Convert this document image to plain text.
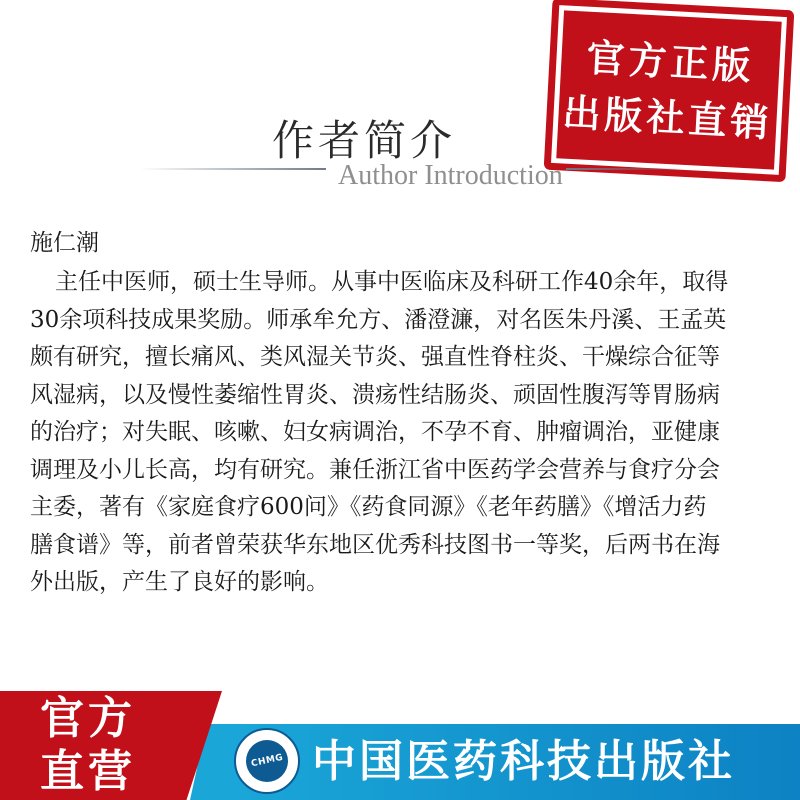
官方正版
出版社直销
作者简介
Author Introduction
施仁潮
主任中医师，硕士生导师。从事中医临床及科研工作40余年，取得
30余项科技成果奖励。师承牟允方、潘澄濂，对名医朱丹溪、王孟英
颇有研究，擅长痛风、类风湿关节炎、强直性脊柱炎、干燥综合征等
风湿病，以及慢性萎缩性胃炎、溃疡性结肠炎、顽固性腹泻等胃肠病
的治疗；对失眠、咳嗽、妇女病调治，不孕不育、肿瘤调治，亚健康
调理及小儿长高，均有研究。兼任浙江省中医药学会营养与食疗分会
主委，著有《家庭食疗600问》《药食同源》《老年药膳》《增活力药
膳食谱》等，前者曾荣获华东地区优秀科技图书一等奖，后两书在海
外出版，产生了良好的影响。
官方
直营	CHMG 中国医药科技出版社
